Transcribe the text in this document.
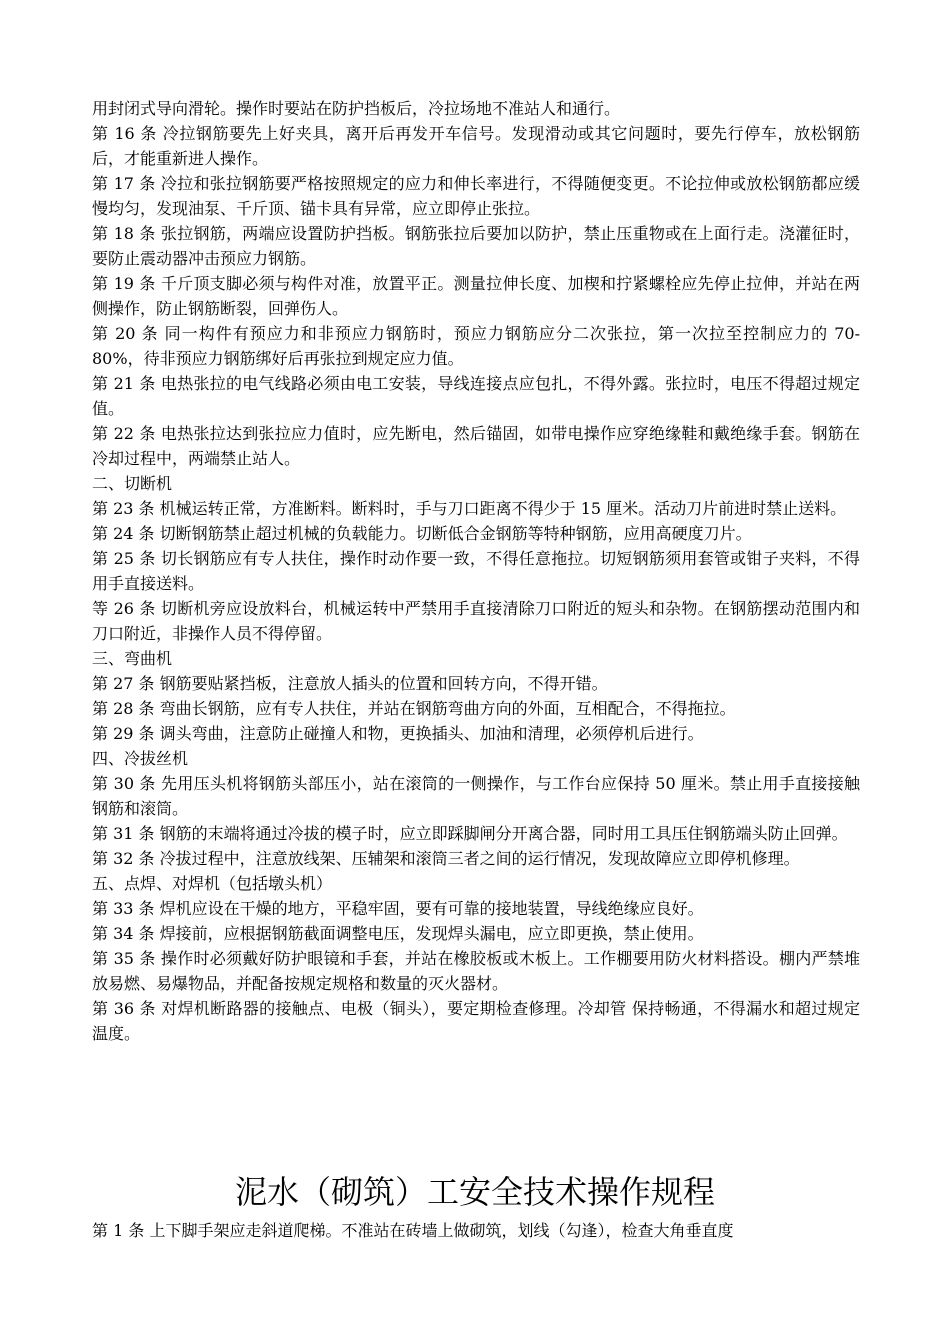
用封闭式导向滑轮。操作时要站在防护挡板后，冷拉场地不准站人和通行。

第 16 条 冷拉钢筋要先上好夹具，离开后再发开车信号。发现滑动或其它问题时，要先行停车，放松钢筋后，才能重新进人操作。

第 17 条 冷拉和张拉钢筋要严格按照规定的应力和伸长率进行，不得随便变更。不论拉伸或放松钢筋都应缓慢均匀，发现油泵、千斤顶、锚卡具有异常，应立即停止张拉。

第 18 条 张拉钢筋，两端应设置防护挡板。钢筋张拉后要加以防护，禁止压重物或在上面行走。浇灌征时，要防止震动器冲击预应力钢筋。

第 19 条 千斤顶支脚必须与构件对准，放置平正。测量拉伸长度、加楔和拧紧螺栓应先停止拉伸，并站在两侧操作，防止钢筋断裂，回弹伤人。

第 20 条 同一构件有预应力和非预应力钢筋时，预应力钢筋应分二次张拉，第一次拉至控制应力的 70-80%，待非预应力钢筋绑好后再张拉到规定应力值。

第 21 条 电热张拉的电气线路必须由电工安装，导线连接点应包扎，不得外露。张拉时，电压不得超过规定值。

第 22 条 电热张拉达到张拉应力值时，应先断电，然后锚固，如带电操作应穿绝缘鞋和戴绝缘手套。钢筋在冷却过程中，两端禁止站人。

二、切断机

第 23 条 机械运转正常，方准断料。断料时，手与刀口距离不得少于 15 厘米。活动刀片前进时禁止送料。

第 24 条 切断钢筋禁止超过机械的负载能力。切断低合金钢筋等特种钢筋，应用高硬度刀片。

第 25 条 切长钢筋应有专人扶住，操作时动作要一致，不得任意拖拉。切短钢筋须用套管或钳子夹料，不得用手直接送料。

等 26 条 切断机旁应设放料台，机械运转中严禁用手直接清除刀口附近的短头和杂物。在钢筋摆动范围内和刀口附近，非操作人员不得停留。

三、弯曲机

第 27 条 钢筋要贴紧挡板，注意放人插头的位置和回转方向，不得开错。

第 28 条 弯曲长钢筋，应有专人扶住，并站在钢筋弯曲方向的外面，互相配合，不得拖拉。

第 29 条 调头弯曲，注意防止碰撞人和物，更换插头、加油和清理，必须停机后进行。

四、冷拔丝机

第 30 条 先用压头机将钢筋头部压小，站在滚筒的一侧操作，与工作台应保持 50 厘米。禁止用手直接接触钢筋和滚筒。

第 31 条 钢筋的末端将通过冷拔的模子时，应立即踩脚闸分开离合器，同时用工具压住钢筋端头防止回弹。

第 32 条 冷拔过程中，注意放线架、压辅架和滚筒三者之间的运行情况，发现故障应立即停机修理。

五、点焊、对焊机（包括墩头机）

第 33 条 焊机应设在干燥的地方，平稳牢固，要有可靠的接地装置，导线绝缘应良好。

第 34 条 焊接前，应根据钢筋截面调整电压，发现焊头漏电，应立即更换，禁止使用。

第 35 条 操作时必须戴好防护眼镜和手套，并站在橡胶板或木板上。工作棚要用防火材料搭设。棚内严禁堆放易燃、易爆物品，并配备按规定规格和数量的灭火器材。

第 36 条 对焊机断路器的接触点、电极（铜头），要定期检查修理。冷却管 保持畅通，不得漏水和超过规定温度。

泥水（砌筑）工安全技术操作规程
第 1 条 上下脚手架应走斜道爬梯。不准站在砖墙上做砌筑，划线（勾逢），检查大角垂直度
